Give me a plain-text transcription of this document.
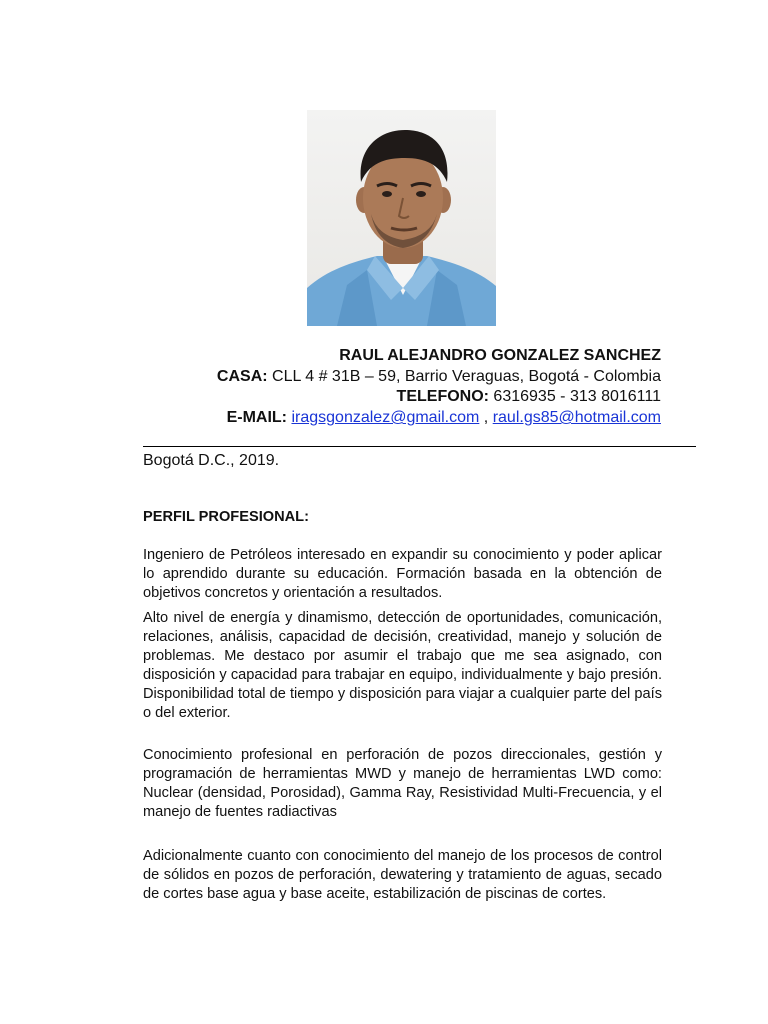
RAUL ALEJANDRO GONZALEZ SANCHEZ
CASA: CLL 4 # 31B – 59, Barrio Veraguas, Bogotá - Colombia
TELEFONO: 6316935 - 313 8016111
E-MAIL: iragsgonzalez@gmail.com , raul.gs85@hotmail.com
Bogotá D.C., 2019.
PERFIL PROFESIONAL:
Ingeniero de Petróleos interesado en expandir su conocimiento y poder aplicar lo aprendido durante su educación. Formación basada en la obtención de objetivos concretos y orientación a resultados.
Alto nivel de energía y dinamismo, detección de oportunidades, comunicación, relaciones, análisis, capacidad de decisión, creatividad, manejo y solución de problemas. Me destaco por asumir el trabajo que me sea asignado, con disposición y capacidad para trabajar en equipo, individualmente y bajo presión. Disponibilidad total de tiempo y disposición para viajar a cualquier parte del país o del exterior.
Conocimiento profesional en perforación de pozos direccionales, gestión y programación de herramientas MWD y manejo de herramientas LWD como: Nuclear (densidad, Porosidad), Gamma Ray, Resistividad Multi-Frecuencia, y el manejo de fuentes radiactivas
Adicionalmente cuanto con conocimiento del manejo de los procesos de control de sólidos en pozos de perforación, dewatering y tratamiento de aguas, secado de cortes base agua y base aceite, estabilización de piscinas de cortes.
